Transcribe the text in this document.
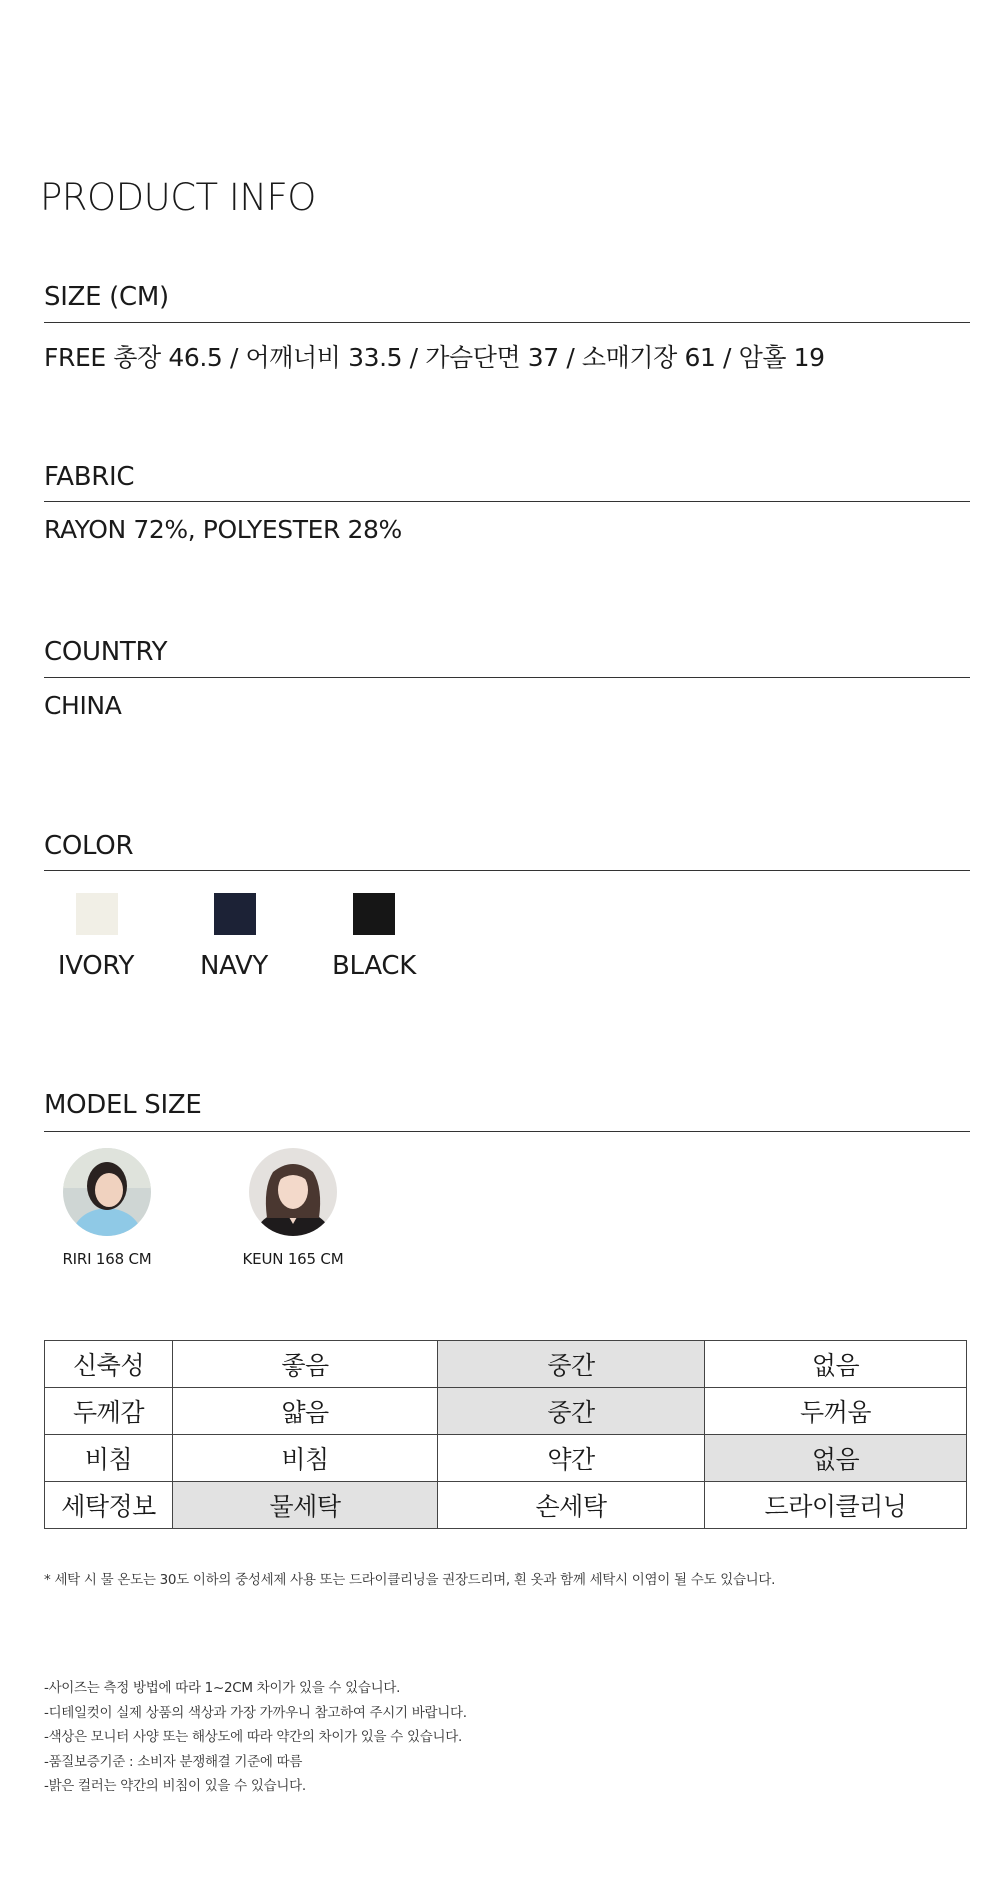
PRODUCT INFO
SIZE (CM)
FREE 총장 46.5 / 어깨너비 33.5 / 가슴단면 37 / 소매기장 61 / 암홀 19
FABRIC
RAYON 72%, POLYESTER 28%
COUNTRY
CHINA
COLOR
IVORY	NAVY	BLACK
MODEL SIZE
RIRI 168 CM	KEUN 165 CM
신축성	좋음	중간	없음
두께감	얇음	중간	두꺼움
비침	비침	약간	없음
세탁정보	물세탁	손세탁	드라이클리닝
* 세탁 시 물 온도는 30도 이하의 중성세제 사용 또는 드라이클리닝을 권장드리며, 흰 옷과 함께 세탁시 이염이 될 수도 있습니다.
-사이즈는 측정 방법에 따라 1~2CM 차이가 있을 수 있습니다.
-디테일컷이 실제 상품의 색상과 가장 가까우니 참고하여 주시기 바랍니다.
-색상은 모니터 사양 또는 해상도에 따라 약간의 차이가 있을 수 있습니다.
-품질보증기준 : 소비자 분쟁해결 기준에 따름
-밝은 컬러는 약간의 비침이 있을 수 있습니다.
